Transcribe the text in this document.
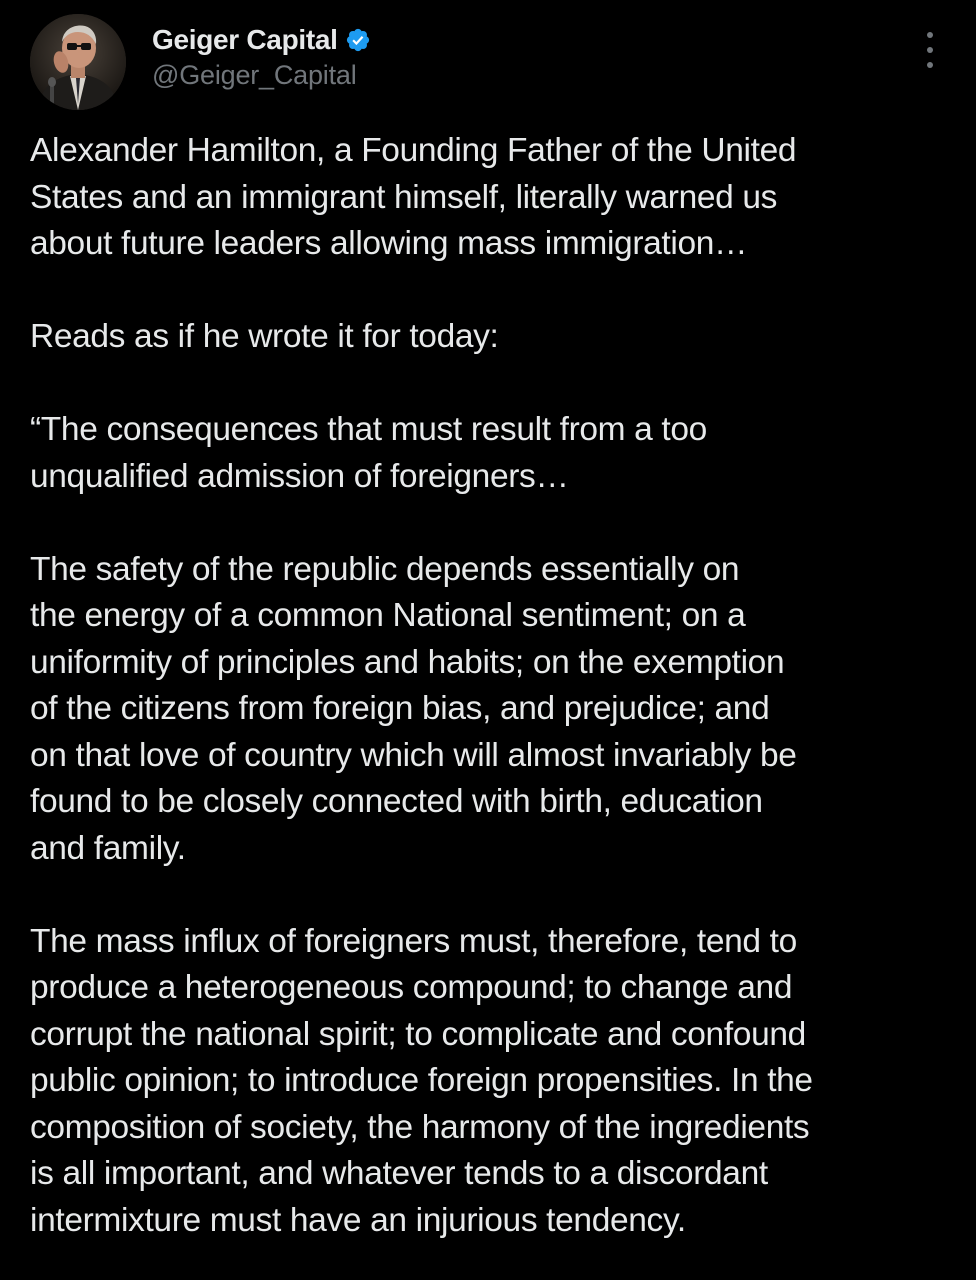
Geiger Capital
@Geiger_Capital

Alexander Hamilton, a Founding Father of the United
States and an immigrant himself, literally warned us
about future leaders allowing mass immigration…

Reads as if he wrote it for today:

“The consequences that must result from a too
unqualified admission of foreigners…

The safety of the republic depends essentially on
the energy of a common National sentiment; on a
uniformity of principles and habits; on the exemption
of the citizens from foreign bias, and prejudice; and
on that love of country which will almost invariably be
found to be closely connected with birth, education
and family.

The mass influx of foreigners must, therefore, tend to
produce a heterogeneous compound; to change and
corrupt the national spirit; to complicate and confound
public opinion; to introduce foreign propensities. In the
composition of society, the harmony of the ingredients
is all important, and whatever tends to a discordant
intermixture must have an injurious tendency.
